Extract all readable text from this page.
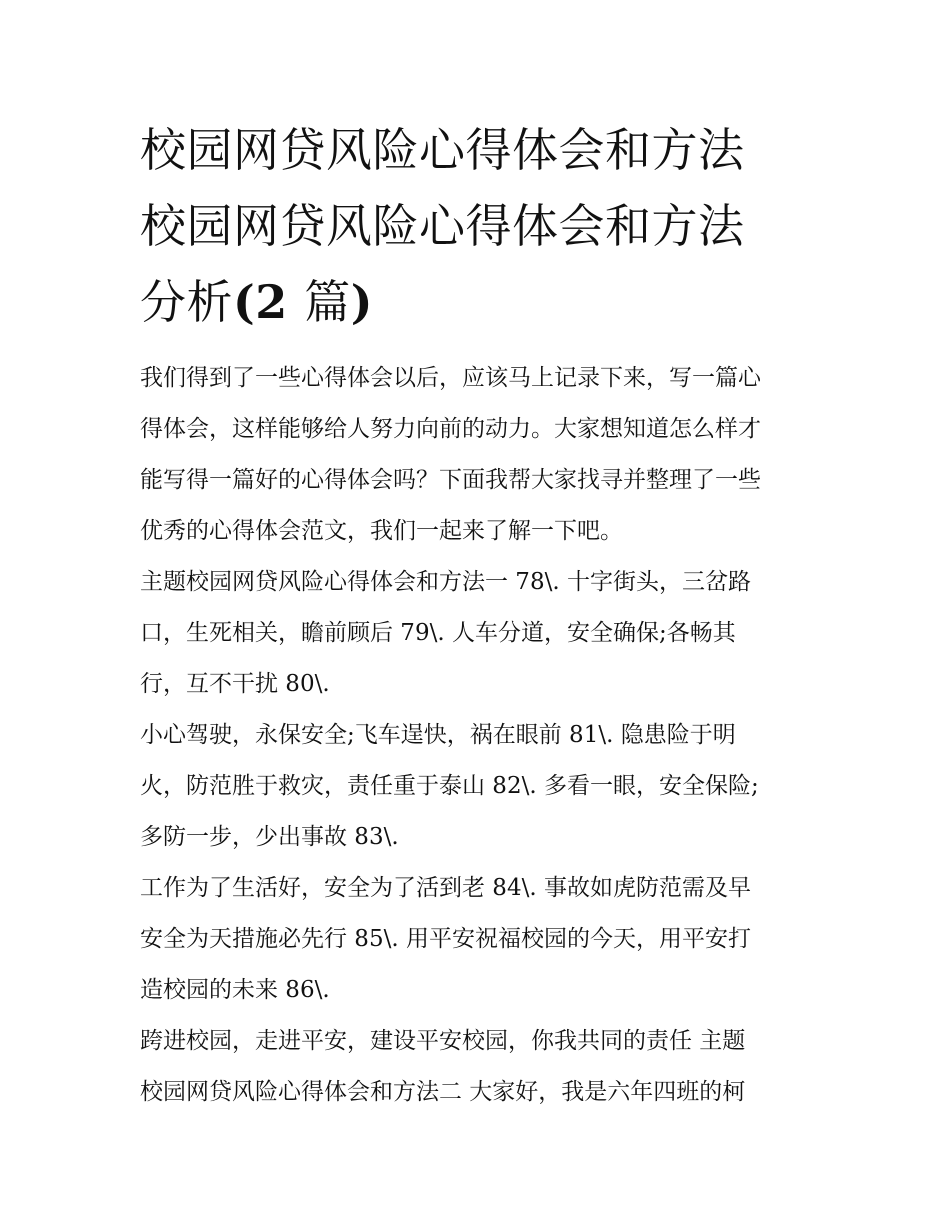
校园网贷风险心得体会和方法
校园网贷风险心得体会和方法
分析(2 篇)
我们得到了一些心得体会以后，应该马上记录下来，写一篇心
得体会，这样能够给人努力向前的动力。大家想知道怎么样才
能写得一篇好的心得体会吗？下面我帮大家找寻并整理了一些
优秀的心得体会范文，我们一起来了解一下吧。
主题校园网贷风险心得体会和方法一 78\. 十字街头，三岔路
口，生死相关，瞻前顾后 79\. 人车分道，安全确保;各畅其
行，互不干扰 80\.
小心驾驶，永保安全;飞车逞快，祸在眼前 81\. 隐患险于明
火，防范胜于救灾，责任重于泰山 82\. 多看一眼，安全保险;
多防一步，少出事故 83\.
工作为了生活好，安全为了活到老 84\. 事故如虎防范需及早
安全为天措施必先行 85\. 用平安祝福校园的今天，用平安打
造校园的未来 86\.
跨进校园，走进平安，建设平安校园，你我共同的责任 主题
校园网贷风险心得体会和方法二 大家好，我是六年四班的柯
